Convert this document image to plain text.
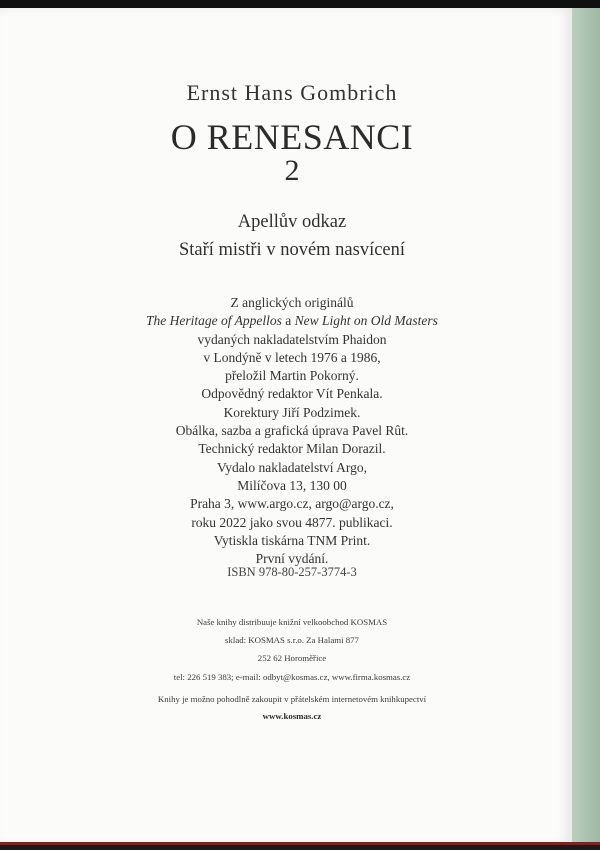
Ernst Hans Gombrich
O RENESANCI
2
Apellův odkaz
Staří mistři v novém nasvícení
Z anglických originálů
The Heritage of Appellos a New Light on Old Masters
vydaných nakladatelstvím Phaidon
v Londýně v letech 1976 a 1986,
přeložil Martin Pokorný.
Odpovědný redaktor Vít Penkala.
Korektury Jiří Podzimek.
Obálka, sazba a grafická úprava Pavel Rût.
Technický redaktor Milan Dorazil.
Vydalo nakladatelství Argo,
Milíčova 13, 130 00
Praha 3, www.argo.cz, argo@argo.cz,
roku 2022 jako svou 4877. publikaci.
Vytiskla tiskárna TNM Print.
První vydání.
ISBN 978-80-257-3774-3
Naše knihy distribuuje knižní velkoobchod KOSMAS
sklad: KOSMAS s.r.o. Za Halami 877
252 62 Horoměřice
tel: 226 519 383; e-mail: odbyt@kosmas.cz, www.firma.kosmas.cz
Knihy je možno pohodlně zakoupit v přátelském internetovém knihkupectví
www.kosmas.cz
